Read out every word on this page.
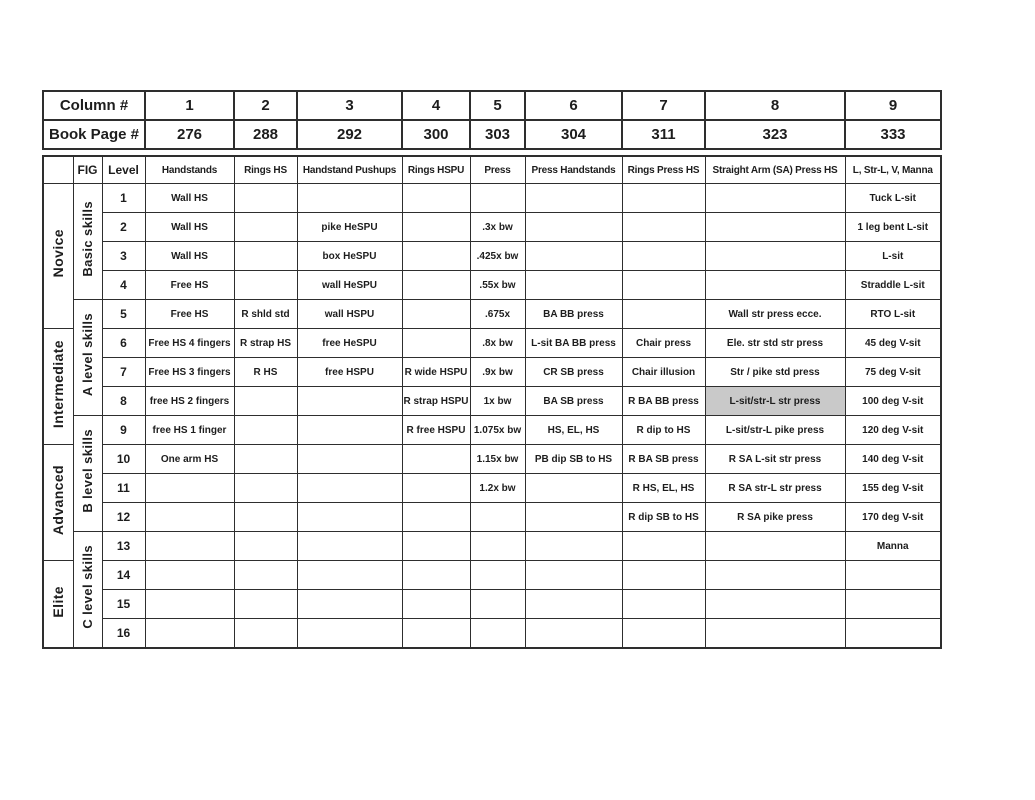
Column #	1	2	3	4	5	6	7	8	9
Book Page #	276	288	292	300	303	304	311	323	333
	FIG	Level	Handstands	Rings HS	Handstand Pushups	Rings HSPU	Press	Press Handstands	Rings Press HS	Straight Arm (SA) Press HS	L, Str-L, V, Manna
Novice	Basic skills	1	Wall HS								Tuck L-sit
		2	Wall HS		pike HeSPU		.3x bw				1 leg bent L-sit
		3	Wall HS		box HeSPU		.425x bw				L-sit
		4	Free HS		wall HeSPU		.55x bw				Straddle L-sit
	A level skills	5	Free HS	R shld std	wall HSPU		.675x	BA BB press		Wall str press ecce.	RTO L-sit
Intermediate		6	Free HS 4 fingers	R strap HS	free HeSPU		.8x bw	L-sit BA BB press	Chair press	Ele. str std str press	45 deg V-sit
		7	Free HS 3 fingers	R HS	free HSPU	R wide HSPU	.9x bw	CR SB press	Chair illusion	Str / pike std press	75 deg V-sit
		8	free HS 2 fingers			R strap HSPU	1x bw	BA SB press	R BA BB press	L-sit/str-L str press	100 deg V-sit
	B level skills	9	free HS 1 finger			R free HSPU	1.075x bw	HS, EL, HS	R dip to HS	L-sit/str-L pike press	120 deg V-sit
Advanced		10	One arm HS				1.15x bw	PB dip SB to HS	R BA SB press	R SA L-sit str press	140 deg V-sit
		11					1.2x bw		R HS, EL, HS	R SA str-L str press	155 deg V-sit
		12							R dip SB to HS	R SA pike press	170 deg V-sit
	C level skills	13									Manna
Elite		14									
		15									
		16									
